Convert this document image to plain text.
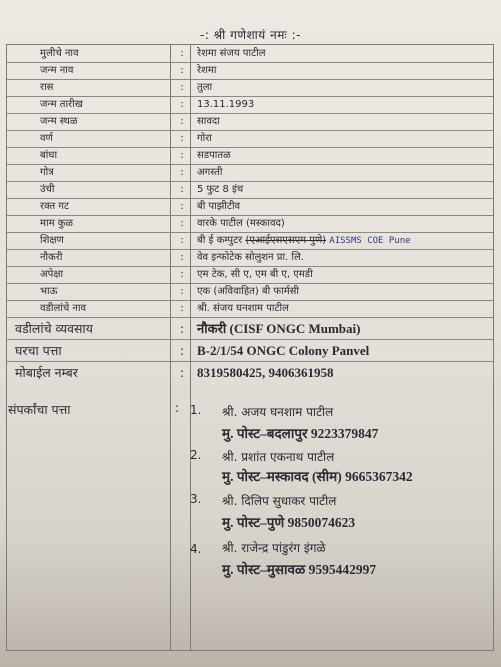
-: श्री गणेशायं नमः :-
मुलीचे नाव	:	रेशमा संजय पाटील
जन्म नाव	:	रेशमा
रास	:	तुला
जन्म तारीख	:	13.11.1993
जन्म स्थळ	:	सावदा
वर्ण	:	गोरा
बांधा	:	सडपातळ
गोत्र	:	अगस्ती
उंची	:	5 फुट 8 इंच
रक्त गट	:	बी पाझीटीव
माम कुळ	:	वारके पाटील (मस्कावद)
शिक्षण	:	बी ई कम्पुटर (एआईएसएसएम पुणे) AISSMS COE Pune
नौकरी	:	वेव इन्फोटेक सोलुशन प्रा. लि.
अपेक्षा	:	एम टेक, सी ए, एम बी ए, एमडी
भाऊ	:	एक (अविवाहित) बी फार्मसी
वडीलांचे नाव	:	श्री. संजय घनशाम पाटील
वडीलांचे व्यवसाय	: नौकरी (CISF ONGC Mumbai)
घरचा पत्ता	: B-2/1/54 ONGC Colony Panvel
मोबाईल नम्बर	: 8319580425, 9406361958
संपर्कांचा पत्ता	: 1.	श्री. अजय घनशाम पाटील
मु. पोस्ट–बदलापुर 9223379847
2.	श्री. प्रशांत एकनाथ पाटील
मु. पोस्ट–मस्कावद (सीम) 9665367342
3.	श्री. दिलिप सुधाकर पाटील
मु. पोस्ट–पुणे 9850074623
4.	श्री. राजेन्द्र पांडुरंग इंगळे
मु. पोस्ट–मुसावळ 9595442997
